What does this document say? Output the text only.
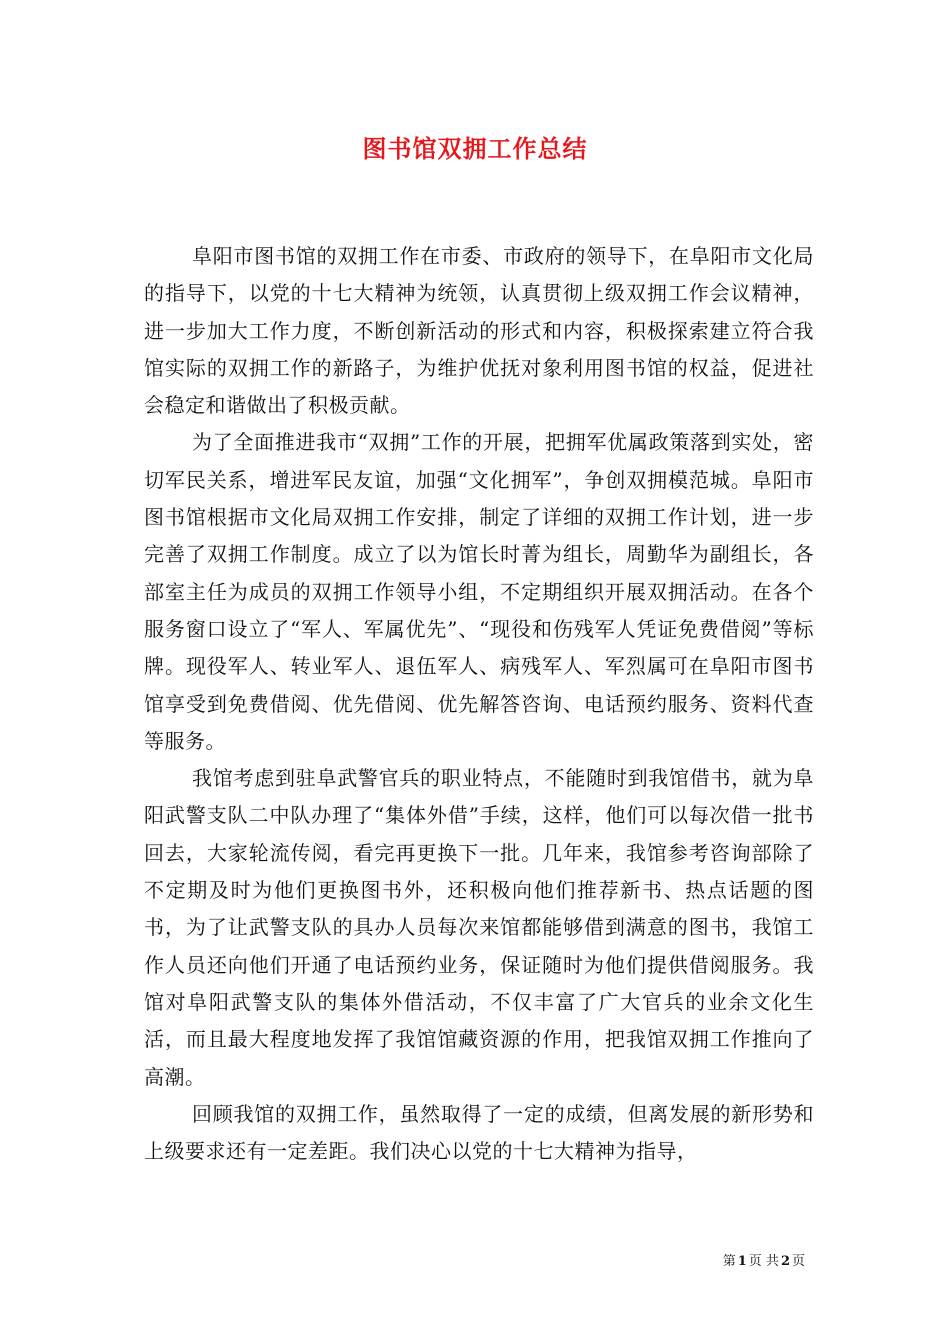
图书馆双拥工作总结

阜阳市图书馆的双拥工作在市委、市政府的领导下，在阜阳市文化局的指导下，以党的十七大精神为统领，认真贯彻上级双拥工作会议精神，进一步加大工作力度，不断创新活动的形式和内容，积极探索建立符合我馆实际的双拥工作的新路子，为维护优抚对象利用图书馆的权益，促进社会稳定和谐做出了积极贡献。

为了全面推进我市“双拥”工作的开展，把拥军优属政策落到实处，密切军民关系，增进军民友谊，加强“文化拥军”，争创双拥模范城。阜阳市图书馆根据市文化局双拥工作安排，制定了详细的双拥工作计划，进一步完善了双拥工作制度。成立了以为馆长时菁为组长，周勤华为副组长，各部室主任为成员的双拥工作领导小组，不定期组织开展双拥活动。在各个服务窗口设立了“军人、军属优先”、“现役和伤残军人凭证免费借阅”等标牌。现役军人、转业军人、退伍军人、病残军人、军烈属可在阜阳市图书馆享受到免费借阅、优先借阅、优先解答咨询、电话预约服务、资料代查等服务。

我馆考虑到驻阜武警官兵的职业特点，不能随时到我馆借书，就为阜阳武警支队二中队办理了“集体外借”手续，这样，他们可以每次借一批书回去，大家轮流传阅，看完再更换下一批。几年来，我馆参考咨询部除了不定期及时为他们更换图书外，还积极向他们推荐新书、热点话题的图书，为了让武警支队的具办人员每次来馆都能够借到满意的图书，我馆工作人员还向他们开通了电话预约业务，保证随时为他们提供借阅服务。我馆对阜阳武警支队的集体外借活动，不仅丰富了广大官兵的业余文化生活，而且最大程度地发挥了我馆馆藏资源的作用，把我馆双拥工作推向了高潮。

回顾我馆的双拥工作，虽然取得了一定的成绩，但离发展的新形势和上级要求还有一定差距。我们决心以党的十七大精神为指导，

第 1 页 共 2 页
